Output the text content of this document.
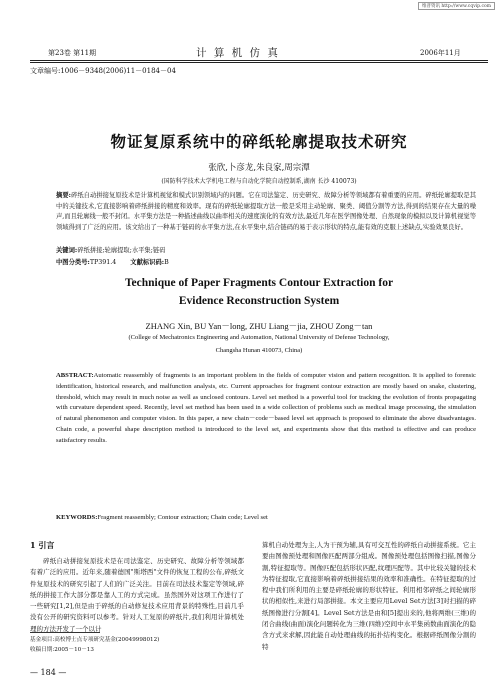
维普资讯 http://www.cqvip.com
第23卷 第11期	计 算 机 仿 真	2006年11月
文章编号:1006－9348(2006)11－0184－04
物证复原系统中的碎纸轮廓提取技术研究
张欣,卜彦龙,朱良家,周宗潭
(国防科学技术大学机电工程与自动化学院自动控制系,湖南 长沙 410073)
摘要:碎纸自动拼接复原技术是计算机视觉和模式识别领域内的问题。它在司法鉴定、历史研究、故障分析等领域都有着重要的应用。碎纸轮廓提取是其中的关键技术,它直接影响着碎纸拼接的精度和效率。现有的碎纸轮廓提取方法一般是采用主动轮廓、聚类、阈值分割等方法,得到的结果存在大量的噪声,而且轮廓线一般不封闭。水平集方法是一种描述曲线以曲率相关的速度演化的有效方法,最近几年在医学图像处理、自然现象的模拟以及计算机视觉等领域得到了广泛的应用。该文给出了一种基于链码的水平集方法,在水平集中,结合链码的易于表示形状的特点,能有效的克服上述缺点,实验效果良好。
关键词:碎纸拼接;轮廓提取;水平集;链码
中图分类号:TP391.4 文献标识码:B
Technique of Paper Fragments Contour Extraction for
Evidence Reconstruction System
ZHANG Xin, BU Yan－long, ZHU Liang－jia, ZHOU Zong－tan
(College of Mechatronics Engineering and Automation, National University of Defense Technology,
Changsha Hunan 410073, China)
ABSTRACT:Automatic reassembly of fragments is an important problem in the fields of computer vision and pattern recognition. It is applied to forensic identification, historical research, and malfunction analysis, etc. Current approaches for fragment contour extraction are mostly based on snake, clustering, threshold, which may result in much noise as well as unclosed contours. Level set method is a powerful tool for tracking the evolution of fronts propagating with curvature dependent speed. Recently, level set method has been used in a wide collection of problems such as medical image processing, the simulation of natural phenomenon and computer vision. In this paper, a new chain－code－based level set approach is proposed to eliminate the above disadvantages. Chain code, a powerful shape description method is introduced to the level set, and experiments show that this method is effective and can produce satisfactory results.
KEYWORDS:Fragment reassembly; Contour extraction; Chain code; Level set
1 引言
碎纸自动拼接复原技术是在司法鉴定、历史研究、故障分析等领域都有着广泛的应用。近年来,随着德国"斯塔西"文件的恢复工程的公布,碎纸文件复原技术的研究引起了人们的广泛关注。目前在司法技术鉴定等领域,碎纸的拼接工作大部分都是靠人工的方式完成。虽然国外对这项工作进行了一些研究[1,2],但是由于碎纸的自动修复技术应用背景的特殊性,目前几乎没有公开的研究资料可以参考。针对人工复原的碎纸片,我们利用计算机处理的方法开发了一个以计
算机自动处理为主,人为干预为辅,具有可交互性的碎纸自动拼接系统。它主要由图像预处理和图像匹配两部分组成。图像预处理包括图像扫描,图像分割,特征提取等。图像匹配包括形状匹配,纹理匹配等。其中比较关键的技术为特征提取,它直接影响着碎纸拼接结果的效率和准确性。在特征提取的过程中我们所利用的主要是碎纸轮廓的形状特征。利用相邻碎纸之间轮廓形状的相似性,来进行局部拼接。本文主要应用Level Set方法[3]对扫描的碎纸图像进行分割[4]。Level Set方法是由和[5]提出来的,他将两维(三维)的闭合曲线(曲面)演化问题转化为三维(四维)空间中水平集函数曲面演化的隐含方式来求解,因此能自动处理曲线的拓扑结构变化。根据碎纸图像分割的特
基金项目:高校博士点专项研究基金(20049998012)
收稿日期:2005－10－13
— 184 —
